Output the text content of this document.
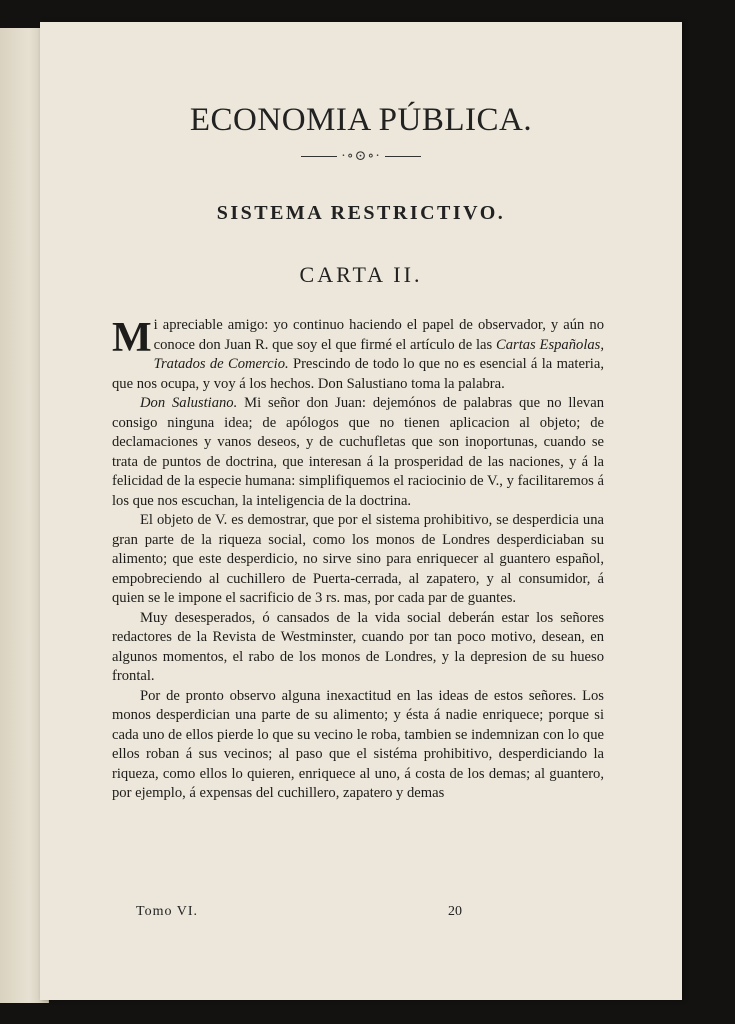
ECONOMIA PÚBLICA.
·∘⊙∘·
SISTEMA RESTRICTIVO.
CARTA II.

Mi apreciable amigo: yo continuo haciendo el papel de observador, y aún no conoce don Juan R. que soy el que firmé el artículo de las Cartas Españolas, Tratados de Comercio. Prescindo de todo lo que no es esencial á la materia, que nos ocupa, y voy á los hechos. Don Salustiano toma la palabra.

Don Salustiano. Mi señor don Juan: dejemónos de palabras que no llevan consigo ninguna idea; de apólogos que no tienen aplicacion al objeto; de declamaciones y vanos deseos, y de cuchufletas que son inoportunas, cuando se trata de puntos de doctrina, que interesan á la prosperidad de las naciones, y á la felicidad de la especie humana: simplifiquemos el raciocinio de V., y facilitaremos á los que nos escuchan, la inteligencia de la doctrina.

El objeto de V. es demostrar, que por el sistema prohibitivo, se desperdicia una gran parte de la riqueza social, como los monos de Londres desperdiciaban su alimento; que este desperdicio, no sirve sino para enriquecer al guantero español, empobreciendo al cuchillero de Puerta-cerrada, al zapatero, y al consumidor, á quien se le impone el sacrificio de 3 rs. mas, por cada par de guantes.

Muy desesperados, ó cansados de la vida social deberán estar los señores redactores de la Revista de Westminster, cuando por tan poco motivo, desean, en algunos momentos, el rabo de los monos de Londres, y la depresion de su hueso frontal.

Por de pronto observo alguna inexactitud en las ideas de estos señores. Los monos desperdician una parte de su alimento; y ésta á nadie enriquece; porque si cada uno de ellos pierde lo que su vecino le roba, tambien se indemnizan con lo que ellos roban á sus vecinos; al paso que el sistéma prohibitivo, desperdiciando la riqueza, como ellos lo quieren, enriquece al uno, á costa de los demas; al guantero, por ejemplo, á expensas del cuchillero, zapatero y demas

Tomo VI.	20
